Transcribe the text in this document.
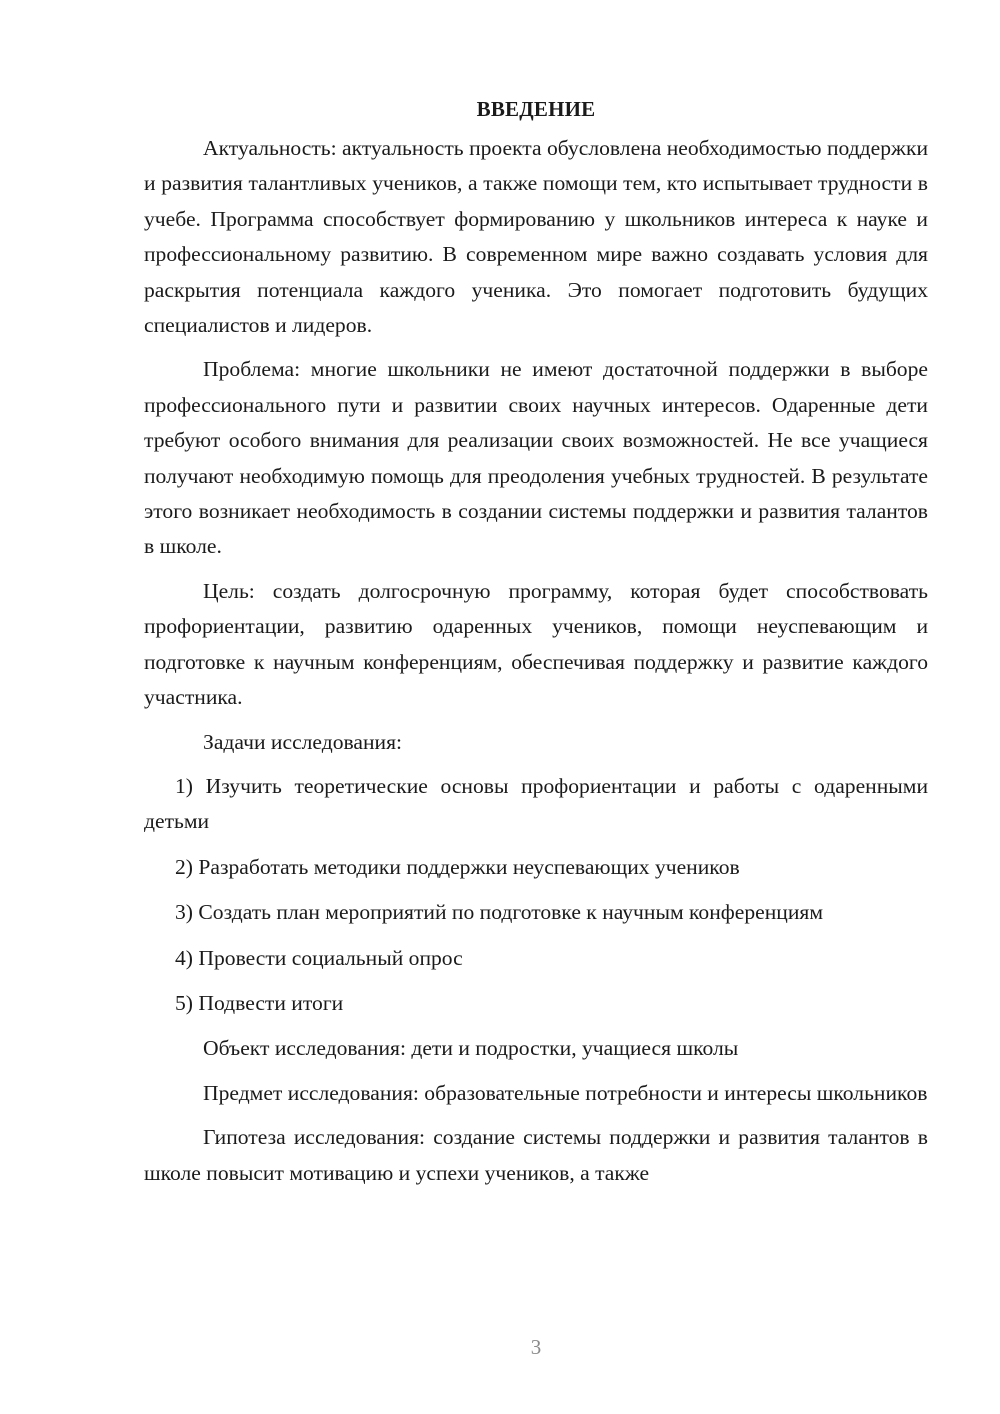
ВВЕДЕНИЕ

Актуальность: актуальность проекта обусловлена необходимостью поддержки и развития талантливых учеников, а также помощи тем, кто испытывает трудности в учебе. Программа способствует формированию у школьников интереса к науке и профессиональному развитию. В современном мире важно создавать условия для раскрытия потенциала каждого ученика. Это помогает подготовить будущих специалистов и лидеров.

Проблема: многие школьники не имеют достаточной поддержки в выборе профессионального пути и развитии своих научных интересов. Одаренные дети требуют особого внимания для реализации своих возможностей. Не все учащиеся получают необходимую помощь для преодоления учебных трудностей. В результате этого возникает необходимость в создании системы поддержки и развития талантов в школе.

Цель: создать долгосрочную программу, которая будет способствовать профориентации, развитию одаренных учеников, помощи неуспевающим и подготовке к научным конференциям, обеспечивая поддержку и развитие каждого участника.

Задачи исследования:

1) Изучить теоретические основы профориентации и работы с одаренными детьми

2) Разработать методики поддержки неуспевающих учеников

3) Создать план мероприятий по подготовке к научным конференциям

4) Провести социальный опрос

5) Подвести итоги

Объект исследования: дети и подростки, учащиеся школы

Предмет исследования: образовательные потребности и интересы школьников

Гипотеза исследования: создание системы поддержки и развития талантов в школе повысит мотивацию и успехи учеников, а также

3
